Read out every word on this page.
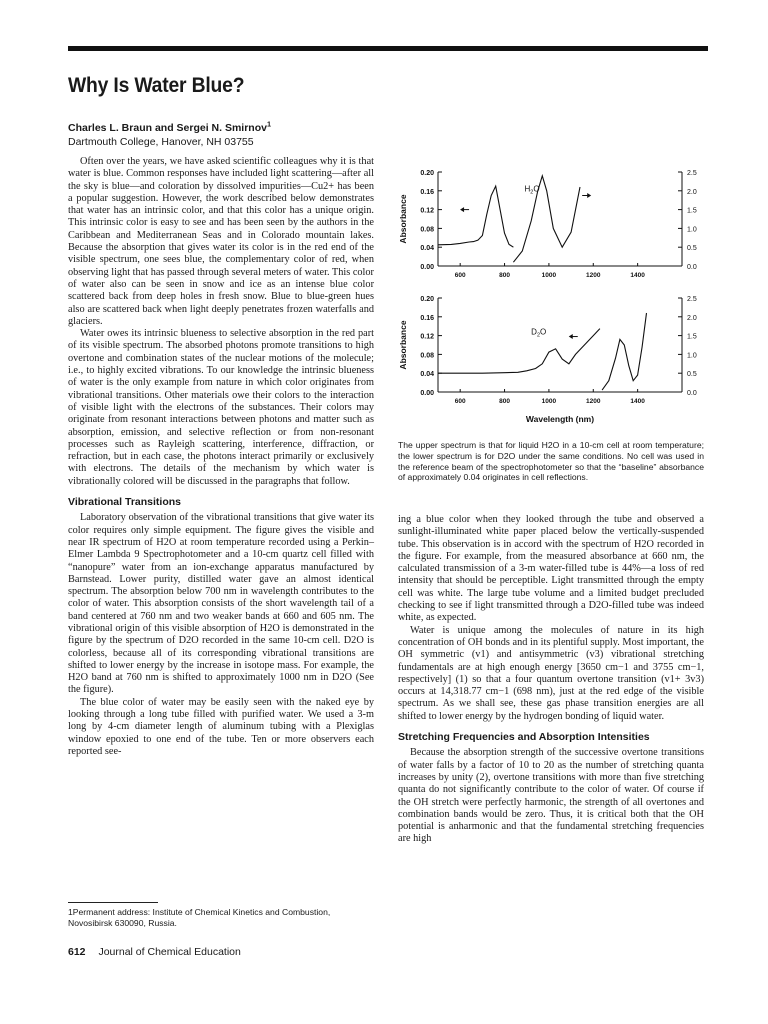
Why Is Water Blue?
Charles L. Braun and Sergei N. Smirnov$^1$
Dartmouth College, Hanover, NH 03755

Often over the years, we have asked scientific colleagues why it is that water is blue. Common responses have included light scattering—after all the sky is blue—and coloration by dissolved impurities—Cu2+ has been a popular suggestion. However, the work described below demonstrates that water has an intrinsic color, and that this color has a unique origin. This intrinsic color is easy to see and has been seen by the authors in the Caribbean and Mediterranean Seas and in Colorado mountain lakes. Because the absorption that gives water its color is in the red end of the visible spectrum, one sees blue, the complementary color of red, when observing light that has passed through several meters of water. This color of water also can be seen in snow and ice as an intense blue color scattered back from deep holes in fresh snow. Blue to blue-green hues also are scattered back when light deeply penetrates frozen waterfalls and glaciers.

Water owes its intrinsic blueness to selective absorption in the red part of its visible spectrum. The absorbed photons promote transitions to high overtone and combination states of the nuclear motions of the molecule; i.e., to highly excited vibrations. To our knowledge the intrinsic blueness of water is the only example from nature in which color originates from vibrational transitions. Other materials owe their colors to the interaction of visible light with the electrons of the substances. Their colors may originate from resonant interactions between photons and matter such as absorption, emission, and selective reflection or from non-resonant processes such as Rayleigh scattering, interference, diffraction, or refraction, but in each case, the photons interact primarily or exclusively with electrons. The details of the mechanism by which water is vibrationally colored will be discussed in the paragraphs that follow.

Vibrational Transitions

Laboratory observation of the vibrational transitions that give water its color requires only simple equipment. The figure gives the visible and near IR spectrum of H2O at room temperature recorded using a Perkin–Elmer Lambda 9 Spectrophotometer and a 10-cm quartz cell filled with “nanopure” water from an ion-exchange apparatus manufactured by Barnstead. Lower purity, distilled water gave an almost identical spectrum. The absorption below 700 nm in wavelength contributes to the color of water. This absorption consists of the short wavelength tail of a band centered at 760 nm and two weaker bands at 660 and 605 nm. The vibrational origin of this visible absorption of H2O is demonstrated in the figure by the spectrum of D2O recorded in the same 10-cm cell. D2O is colorless, because all of its corresponding vibrational transitions are shifted to lower energy by the increase in isotope mass. For example, the H2O band at 760 nm is shifted to approximately 1000 nm in D2O (See the figure).

The blue color of water may be easily seen with the naked eye by looking through a long tube filled with purified water. We used a 3-m long by 4-cm diameter length of aluminum tubing with a Plexiglas window epoxied to one end of the tube. Ten or more observers each reported see-

ing a blue color when they looked through the tube and observed a sunlight-illuminated white paper placed below the vertically-suspended tube. This observation is in accord with the spectrum of H2O recorded in the figure. For example, from the measured absorbance at 660 nm, the calculated transmission of a 3-m water-filled tube is 44%—a loss of red intensity that should be perceptible. Light transmitted through the empty cell was white. The large tube volume and a limited budget precluded checking to see if light transmitted through a D2O-filled tube was indeed white, as expected.

Water is unique among the molecules of nature in its high concentration of OH bonds and in its plentiful supply. Most important, the OH symmetric (v1) and antisymmetric (v3) vibrational stretching fundamentals are at high enough energy [3650 cm−1 and 3755 cm−1, respectively] (1) so that a four quantum overtone transition (v1+ 3v3) occurs at 14,318.77 cm−1 (698 nm), just at the red edge of the visible spectrum. As we shall see, these gas phase transition energies are all shifted to lower energy by the hydrogen bonding of liquid water.

Stretching Frequencies and Absorption Intensities

Because the absorption strength of the successive overtone transitions of water falls by a factor of 10 to 20 as the number of stretching quanta increases by unity (2), overtone transitions with more than five stretching quanta do not significantly contribute to the color of water. Of course if the OH stretch were perfectly harmonic, the strength of all overtones and combination bands would be zero. Thus, it is critical both that the OH potential is anharmonic and that the fundamental stretching frequencies are high

0.20
0.16
0.12
0.08
0.04
0.00
2.5
2.0
1.5
1.0
0.5
0.0
600	800	1000	1200	1400
Absorbance
$H_2O$
0.20
0.16
0.12
0.08
0.04
0.00
2.5
2.0
1.5
1.0
0.5
0.0
600	800	1000	1200	1400
Absorbance	$D_2O$
Wavelength (nm)
The upper spectrum is that for liquid H2O in a 10-cm cell at room temperature; the lower spectrum is for D2O under the same conditions. No cell was used in the reference beam of the spectrophotometer so that the “baseline” absorbance of approximately 0.04 originates in cell reflections.
1Permanent address: Institute of Chemical Kinetics and Combustion, Novosibirsk 630090, Russia.
612 Journal of Chemical Education
